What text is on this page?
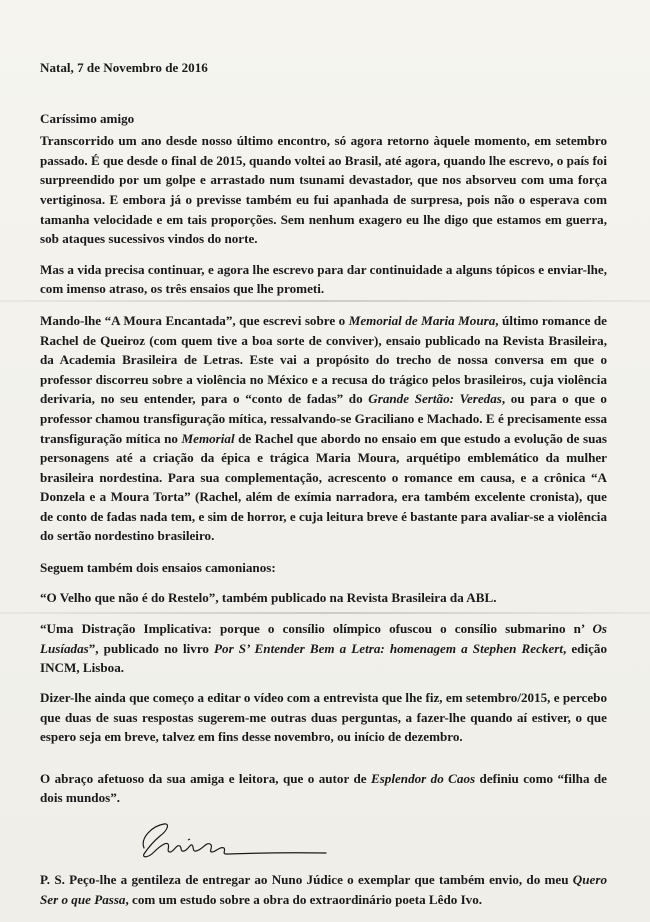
Natal, 7 de Novembro de 2016

Caríssimo amigo

Transcorrido um ano desde nosso último encontro, só agora retorno àquele momento, em setembro passado. É que desde o final de 2015, quando voltei ao Brasil, até agora, quando lhe escrevo, o país foi surpreendido por um golpe e arrastado num tsunami devastador, que nos absorveu com uma força vertiginosa. E embora já o previsse também eu fui apanhada de surpresa, pois não o esperava com tamanha velocidade e em tais proporções. Sem nenhum exagero eu lhe digo que estamos em guerra, sob ataques sucessivos vindos do norte.

Mas a vida precisa continuar, e agora lhe escrevo para dar continuidade a alguns tópicos e enviar-lhe, com imenso atraso, os três ensaios que lhe prometi.

Mando-lhe “A Moura Encantada”, que escrevi sobre o Memorial de Maria Moura, último romance de Rachel de Queiroz (com quem tive a boa sorte de conviver), ensaio publicado na Revista Brasileira, da Academia Brasileira de Letras. Este vai a propósito do trecho de nossa conversa em que o professor discorreu sobre a violência no México e a recusa do trágico pelos brasileiros, cuja violência derivaria, no seu entender, para o “conto de fadas” do Grande Sertão: Veredas, ou para o que o professor chamou transfiguração mítica, ressalvando-se Graciliano e Machado. E é precisamente essa transfiguração mítica no Memorial de Rachel que abordo no ensaio em que estudo a evolução de suas personagens até a criação da épica e trágica Maria Moura, arquétipo emblemático da mulher brasileira nordestina. Para sua complementação, acrescento o romance em causa, e a crônica “A Donzela e a Moura Torta” (Rachel, além de exímia narradora, era também excelente cronista), que de conto de fadas nada tem, e sim de horror, e cuja leitura breve é bastante para avaliar-se a violência do sertão nordestino brasileiro.

Seguem também dois ensaios camonianos:

“O Velho que não é do Restelo”, também publicado na Revista Brasileira da ABL.

“Uma Distração Implicativa: porque o consílio olímpico ofuscou o consílio submarino n’ Os Lusíadas”, publicado no livro Por S’ Entender Bem a Letra: homenagem a Stephen Reckert, edição INCM, Lisboa.

Dizer-lhe ainda que começo a editar o vídeo com a entrevista que lhe fiz, em setembro/2015, e percebo que duas de suas respostas sugerem-me outras duas perguntas, a fazer-lhe quando aí estiver, o que espero seja em breve, talvez em fins desse novembro, ou início de dezembro.

O abraço afetuoso da sua amiga e leitora, que o autor de Esplendor do Caos definiu como “filha de dois mundos”.

P. S. Peço-lhe a gentileza de entregar ao Nuno Júdice o exemplar que também envio, do meu Quero Ser o que Passa, com um estudo sobre a obra do extraordinário poeta Lêdo Ivo.
